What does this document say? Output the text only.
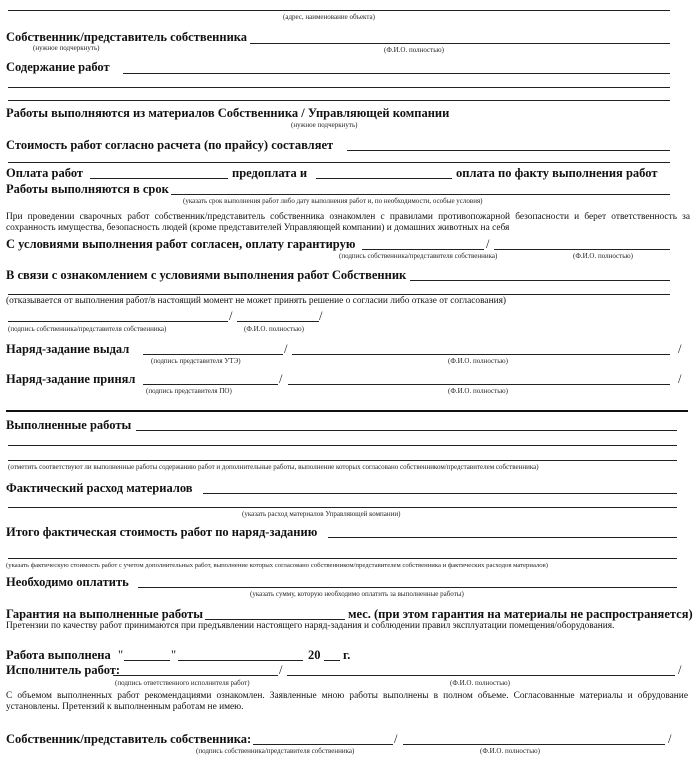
(адрес, наименование объекта)
Собственник/представитель собственника
(нужное подчеркнуть)	(Ф.И.О. полностью)
Содержание работ
Работы выполняются из материалов Собственника / Управляющей компании
(нужное подчеркнуть)
Стоимость работ согласно расчета (по прайсу) составляет
Оплата работ	предоплата и	оплата по факту выполнения работ
Работы выполняются в срок
(указать срок выполнения работ либо дату выполнения работ и, по необходимости, особые условия)
При проведении сварочных работ собственник/представитель собственника ознакомлен с правилами противопожарной безопасности и берет ответственность за сохранность имущества, безопасность людей (кроме представителей Управляющей компании) и домашних животных на себя
С условиями выполнения работ согласен, оплату гарантирую	/
(подпись собственника/представителя собственника)	(Ф.И.О. полностью)
В связи с ознакомлением с условиями выполнения работ Собственник
(отказывается от выполнения работ/в настоящий момент не может принять решение о согласии либо отказе от согласования)
/	/
(подпись собственника/представителя собственника)	(Ф.И.О. полностью)
Наряд-задание выдал	/	/
(подпись представителя УТЭ)	(Ф.И.О. полностью)
Наряд-задание принял	/	/
(подпись представителя ПО)	(Ф.И.О. полностью)
Выполненные работы
(отметить соответствуют ли выполненные работы содержанию работ и дополнительные работы, выполнение которых согласовано собственником/представителем собственника)
Фактический расход материалов
(указать расход материалов Управляющей компании)
Итого фактическая стоимость работ по наряд-заданию
(указать фактическую стоимость работ с учетом дополнительных работ, выполнение которых согласовано собственником/представителем собственника и фактических расходов материалов)
Необходимо оплатить
(указать сумму, которую необходимо оплатить за выполненные работы)
Гарантия на выполненные работы	мес. (при этом гарантия на материалы не распространяется)
Претензии по качеству работ принимаются при предъявлении настоящего наряд-задания и соблюдении правил эксплуатации помещения/оборудования.
Работа выполнена "	"	20 г.
Исполнитель работ:	/	/
(подпись ответственного исполнителя работ)	(Ф.И.О. полностью)
С объемом выполненных работ рекомендациями ознакомлен. Заявленные мною работы выполнены в полном объеме. Согласованные материалы и обрудование установлены. Претензий к выполненным работам не имею.
Собственник/представитель собственника:	/	/
(подпись собственника/представителя собственника)	(Ф.И.О. полностью)
